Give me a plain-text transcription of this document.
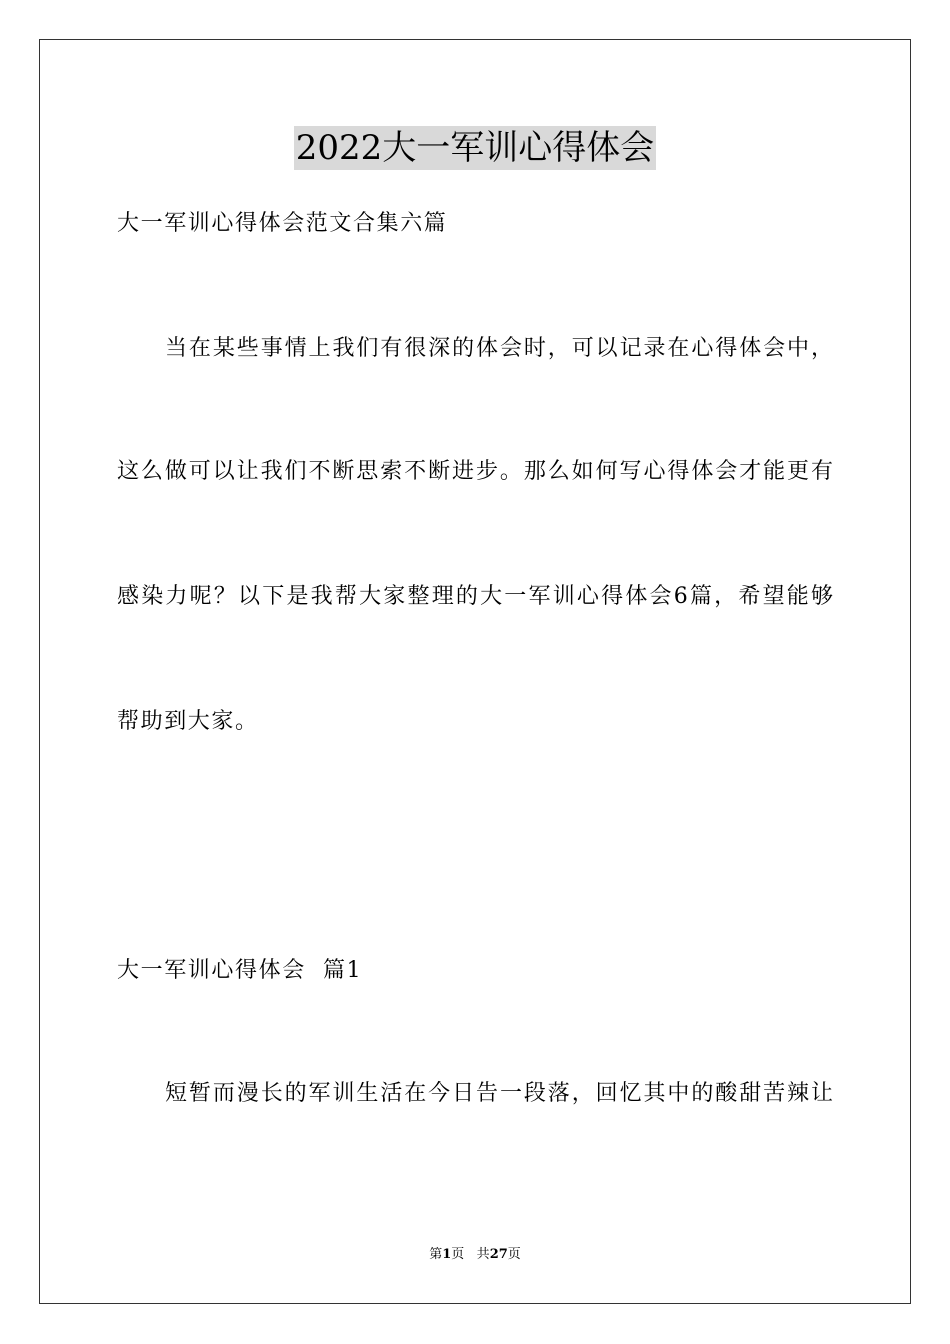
2022大一军训心得体会
大一军训心得体会范文合集六篇
当在某些事情上我们有很深的体会时，可以记录在心得体会中，
这么做可以让我们不断思索不断进步。那么如何写心得体会才能更有
感染力呢？以下是我帮大家整理的大一军训心得体会6篇，希望能够
帮助到大家。
大一军训心得体会  篇1
短暂而漫长的军训生活在今日告一段落，回忆其中的酸甜苦辣让
第1页 共27页
